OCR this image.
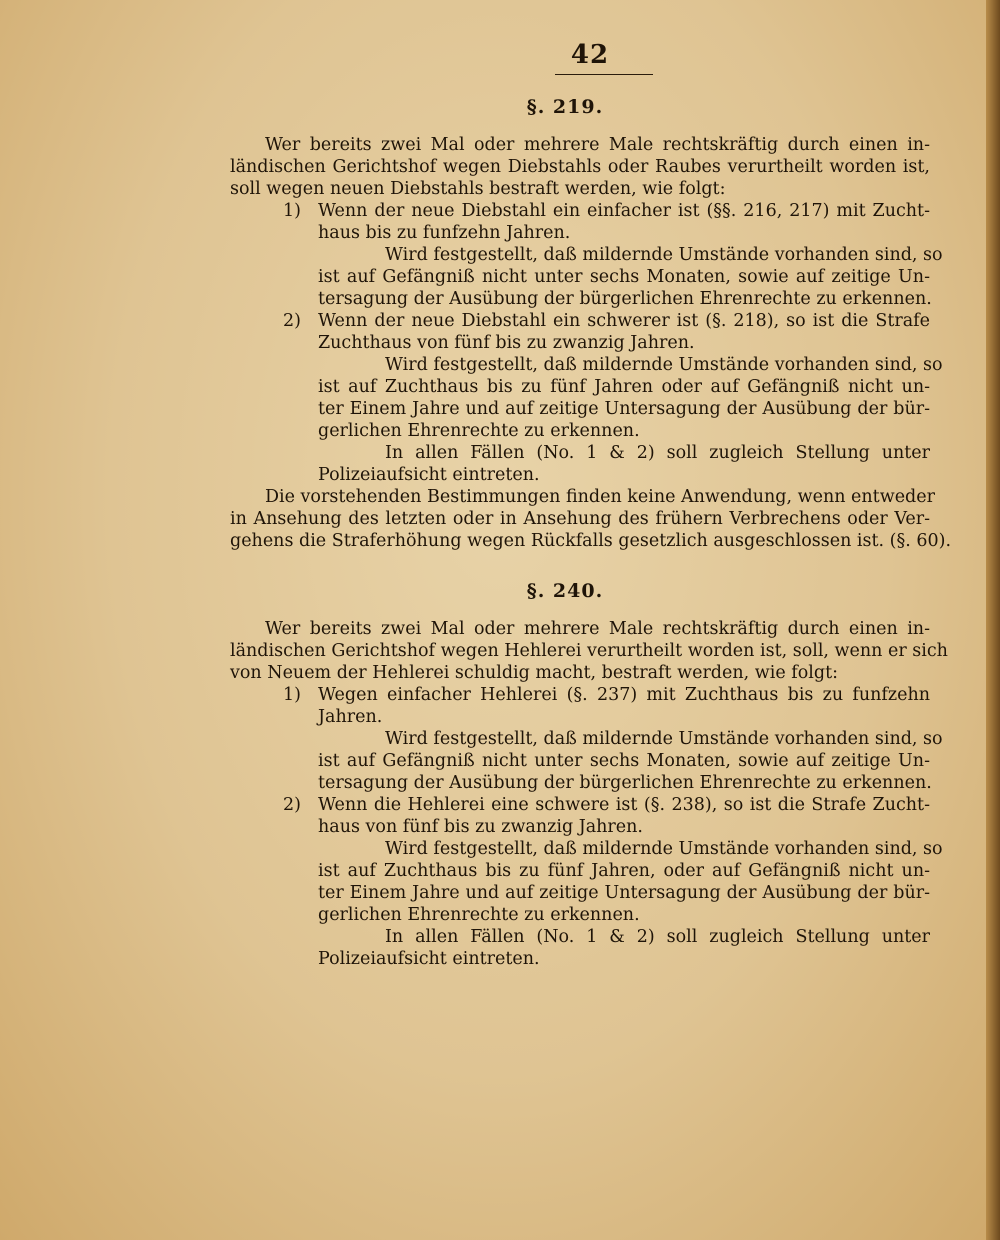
42
§. 219.
Wer bereits zwei Mal oder mehrere Male rechtskräftig durch einen in-
ländischen Gerichtshof wegen Diebstahls oder Raubes verurtheilt worden ist,
soll wegen neuen Diebstahls bestraft werden, wie folgt:
1) Wenn der neue Diebstahl ein einfacher ist (§§. 216, 217) mit Zucht-
haus bis zu funfzehn Jahren.
Wird festgestellt, daß mildernde Umstände vorhanden sind, so
ist auf Gefängniß nicht unter sechs Monaten, sowie auf zeitige Un-
tersagung der Ausübung der bürgerlichen Ehrenrechte zu erkennen.
2) Wenn der neue Diebstahl ein schwerer ist (§. 218), so ist die Strafe
Zuchthaus von fünf bis zu zwanzig Jahren.
Wird festgestellt, daß mildernde Umstände vorhanden sind, so
ist auf Zuchthaus bis zu fünf Jahren oder auf Gefängniß nicht un-
ter Einem Jahre und auf zeitige Untersagung der Ausübung der bür-
gerlichen Ehrenrechte zu erkennen.
In allen Fällen (No. 1 & 2) soll zugleich Stellung unter
Polizeiaufsicht eintreten.
Die vorstehenden Bestimmungen finden keine Anwendung, wenn entweder
in Ansehung des letzten oder in Ansehung des frühern Verbrechens oder Ver-
gehens die Straferhöhung wegen Rückfalls gesetzlich ausgeschlossen ist. (§. 60).
§. 240.
Wer bereits zwei Mal oder mehrere Male rechtskräftig durch einen in-
ländischen Gerichtshof wegen Hehlerei verurtheilt worden ist, soll, wenn er sich
von Neuem der Hehlerei schuldig macht, bestraft werden, wie folgt:
1) Wegen einfacher Hehlerei (§. 237) mit Zuchthaus bis zu funfzehn
Jahren.
Wird festgestellt, daß mildernde Umstände vorhanden sind, so
ist auf Gefängniß nicht unter sechs Monaten, sowie auf zeitige Un-
tersagung der Ausübung der bürgerlichen Ehrenrechte zu erkennen.
2) Wenn die Hehlerei eine schwere ist (§. 238), so ist die Strafe Zucht-
haus von fünf bis zu zwanzig Jahren.
Wird festgestellt, daß mildernde Umstände vorhanden sind, so
ist auf Zuchthaus bis zu fünf Jahren, oder auf Gefängniß nicht un-
ter Einem Jahre und auf zeitige Untersagung der Ausübung der bür-
gerlichen Ehrenrechte zu erkennen.
In allen Fällen (No. 1 & 2) soll zugleich Stellung unter
Polizeiaufsicht eintreten.
